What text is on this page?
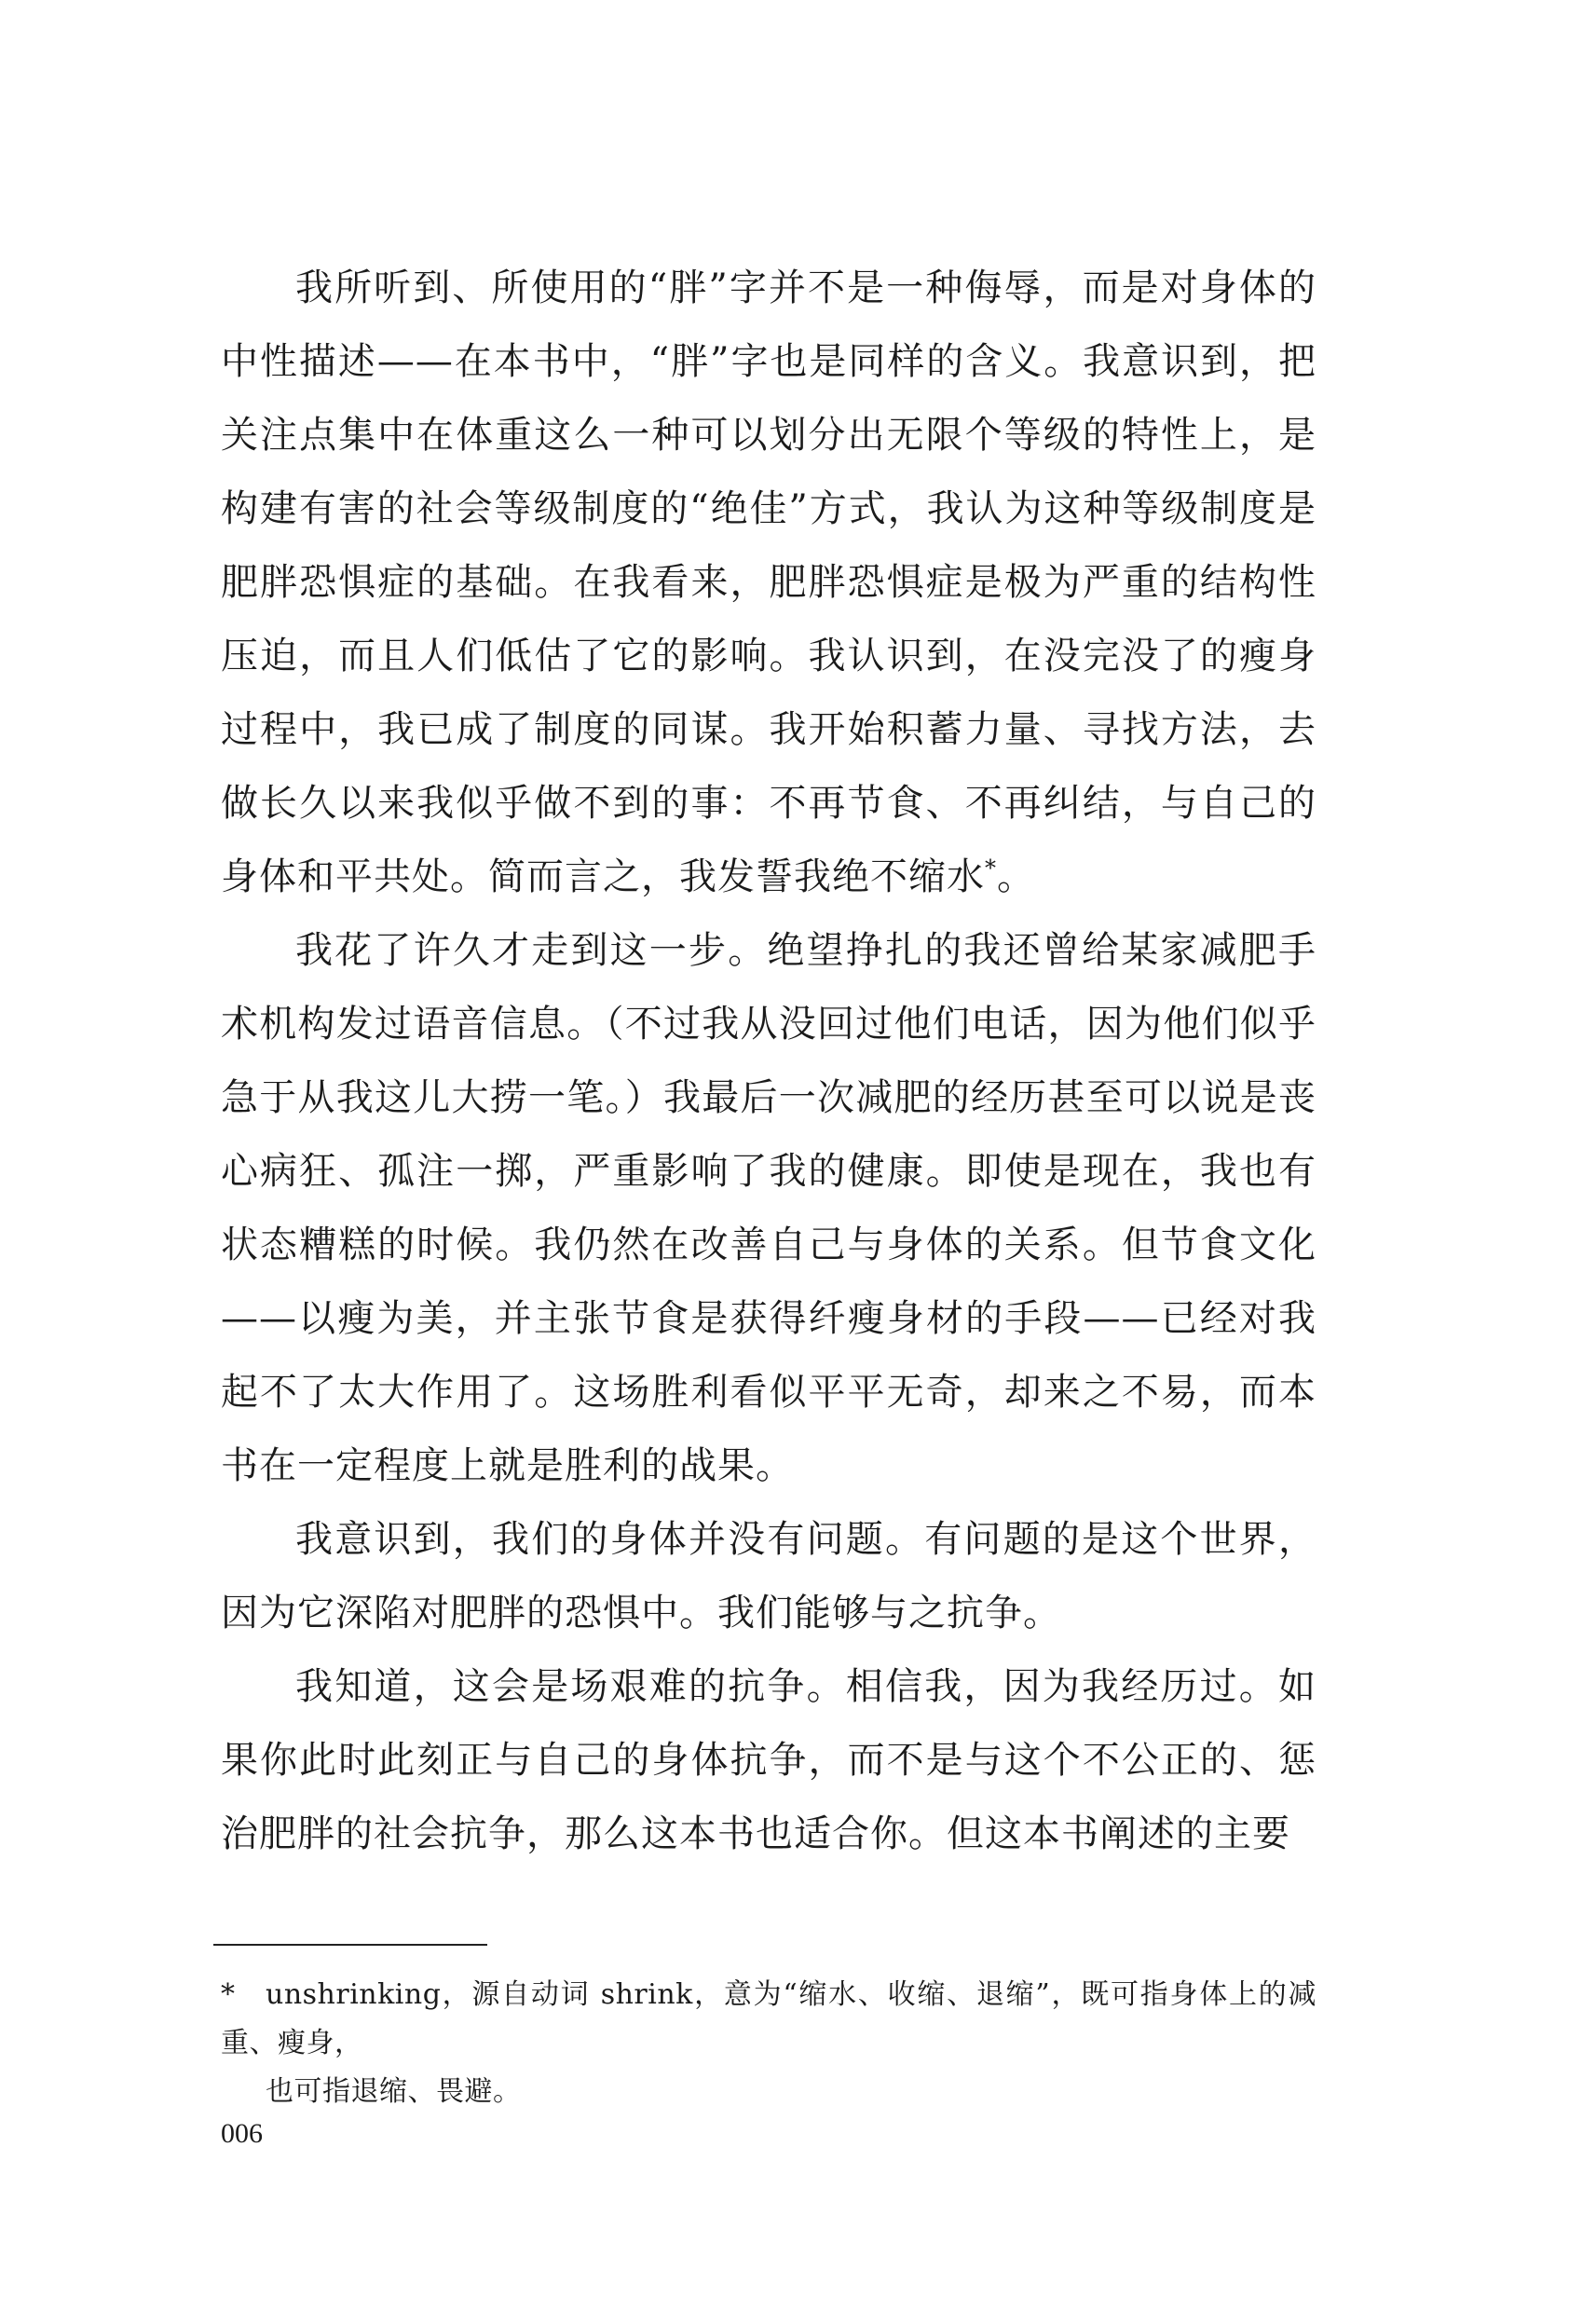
我所听到、所使用的“胖”字并不是一种侮辱，而是对身体的中性描述——在本书中，“胖”字也是同样的含义。我意识到，把关注点集中在体重这么一种可以划分出无限个等级的特性上，是构建有害的社会等级制度的“绝佳”方式，我认为这种等级制度是肥胖恐惧症的基础。在我看来，肥胖恐惧症是极为严重的结构性压迫，而且人们低估了它的影响。我认识到，在没完没了的瘦身过程中，我已成了制度的同谋。我开始积蓄力量、寻找方法，去做长久以来我似乎做不到的事：不再节食、不再纠结，与自己的身体和平共处。简而言之，我发誓我绝不缩水*。

我花了许久才走到这一步。绝望挣扎的我还曾给某家减肥手术机构发过语音信息。（不过我从没回过他们电话，因为他们似乎急于从我这儿大捞一笔。）我最后一次减肥的经历甚至可以说是丧心病狂、孤注一掷，严重影响了我的健康。即使是现在，我也有状态糟糕的时候。我仍然在改善自己与身体的关系。但节食文化——以瘦为美，并主张节食是获得纤瘦身材的手段——已经对我起不了太大作用了。这场胜利看似平平无奇，却来之不易，而本书在一定程度上就是胜利的战果。

我意识到，我们的身体并没有问题。有问题的是这个世界，因为它深陷对肥胖的恐惧中。我们能够与之抗争。

我知道，这会是场艰难的抗争。相信我，因为我经历过。如果你此时此刻正与自己的身体抗争，而不是与这个不公正的、惩治肥胖的社会抗争，那么这本书也适合你。但这本书阐述的主要

* unshrinking，源自动词 shrink，意为“缩水、收缩、退缩”，既可指身体上的减重、瘦身，
也可指退缩、畏避。
006
